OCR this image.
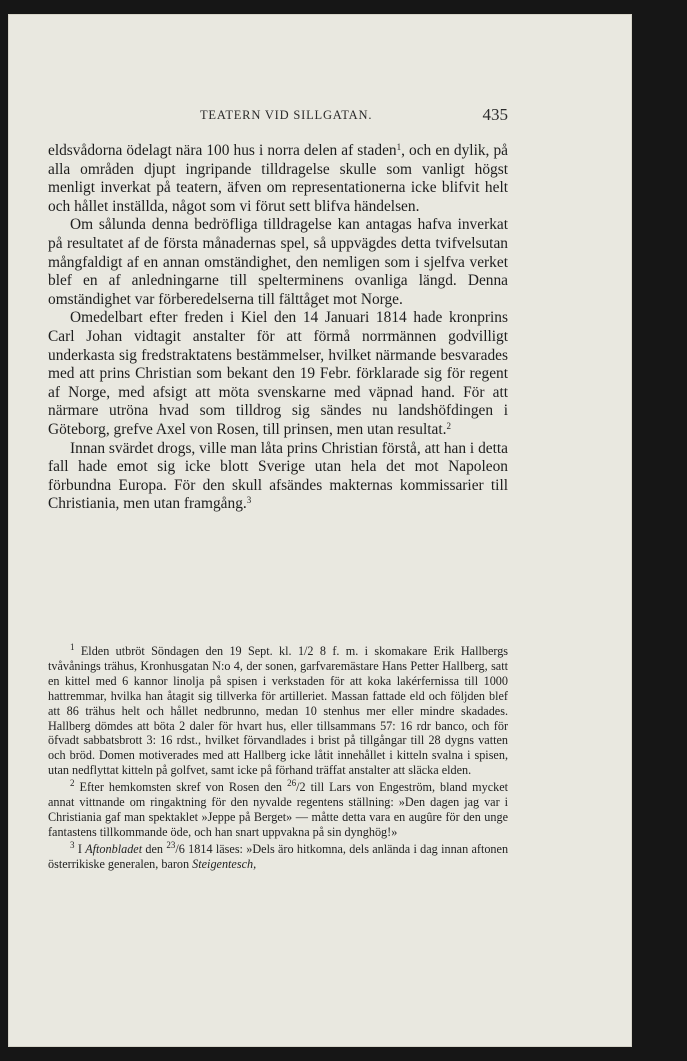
TEATERN VID SILLGATAN.	435

eldsvådorna ödelagt nära 100 hus i norra delen af staden$^1$, och en dylik, på alla områden djupt ingripande tilldragelse skulle som vanligt högst menligt inverkat på teatern, äfven om representationerna icke blifvit helt och hållet inställda, något som vi förut sett blifva händelsen.

Om sålunda denna bedröfliga tilldragelse kan antagas hafva inverkat på resultatet af de första månadernas spel, så uppvägdes detta tvifvelsutan mångfaldigt af en annan omständighet, den nemligen som i sjelfva verket blef en af anledningarne till spelterminens ovanliga längd. Denna omständighet var förberedelserna till fälttåget mot Norge.

Omedelbart efter freden i Kiel den 14 Januari 1814 hade kronprins Carl Johan vidtagit anstalter för att förmå norrmännen godvilligt underkasta sig fredstraktatens bestämmelser, hvilket närmande besvarades med att prins Christian som bekant den 19 Febr. förklarade sig för regent af Norge, med afsigt att möta svenskarne med väpnad hand. För att närmare utröna hvad som tilldrog sig sändes nu landshöfdingen i Göteborg, grefve Axel von Rosen, till prinsen, men utan resultat.$^2$

Innan svärdet drogs, ville man låta prins Christian förstå, att han i detta fall hade emot sig icke blott Sverige utan hela det mot Napoleon förbundna Europa. För den skull afsändes makternas kommissarier till Christiania, men utan framgång.$^3$

$^1$ Elden utbröt Söndagen den 19 Sept. kl. 1/2 8 f. m. i skomakare Erik Hallbergs tvåvånings trähus, Kronhusgatan N:o 4, der sonen, garfvaremästare Hans Petter Hallberg, satt en kittel med 6 kannor linolja på spisen i verkstaden för att koka lakérfernissa till 1000 hattremmar, hvilka han åtagit sig tillverka för artilleriet. Massan fattade eld och följden blef att 86 trähus helt och hållet nedbrunno, medan 10 stenhus mer eller mindre skadades. Hallberg dömdes att böta 2 daler för hvart hus, eller tillsammans 57: 16 rdr banco, och för öfvadt sabbatsbrott 3: 16 rdst., hvilket förvandlades i brist på tillgångar till 28 dygns vatten och bröd. Domen motiverades med att Hallberg icke låtit innehållet i kitteln svalna i spisen, utan nedflyttat kitteln på golfvet, samt icke på förhand träffat anstalter att släcka elden.

$^2$ Efter hemkomsten skref von Rosen den $^{26}$/2 till Lars von Engeström, bland mycket annat vittnande om ringaktning för den nyvalde regentens ställning: »Den dagen jag var i Christiania gaf man spektaklet »Jeppe på Berget» — måtte detta vara en augûre för den unge fantastens tillkommande öde, och han snart uppvakna på sin dynghög!»

$^3$ I Aftonbladet den $^{23}$/6 1814 läses: »Dels äro hitkomna, dels anlända i dag innan aftonen österrikiske generalen, baron Steigentesch,
